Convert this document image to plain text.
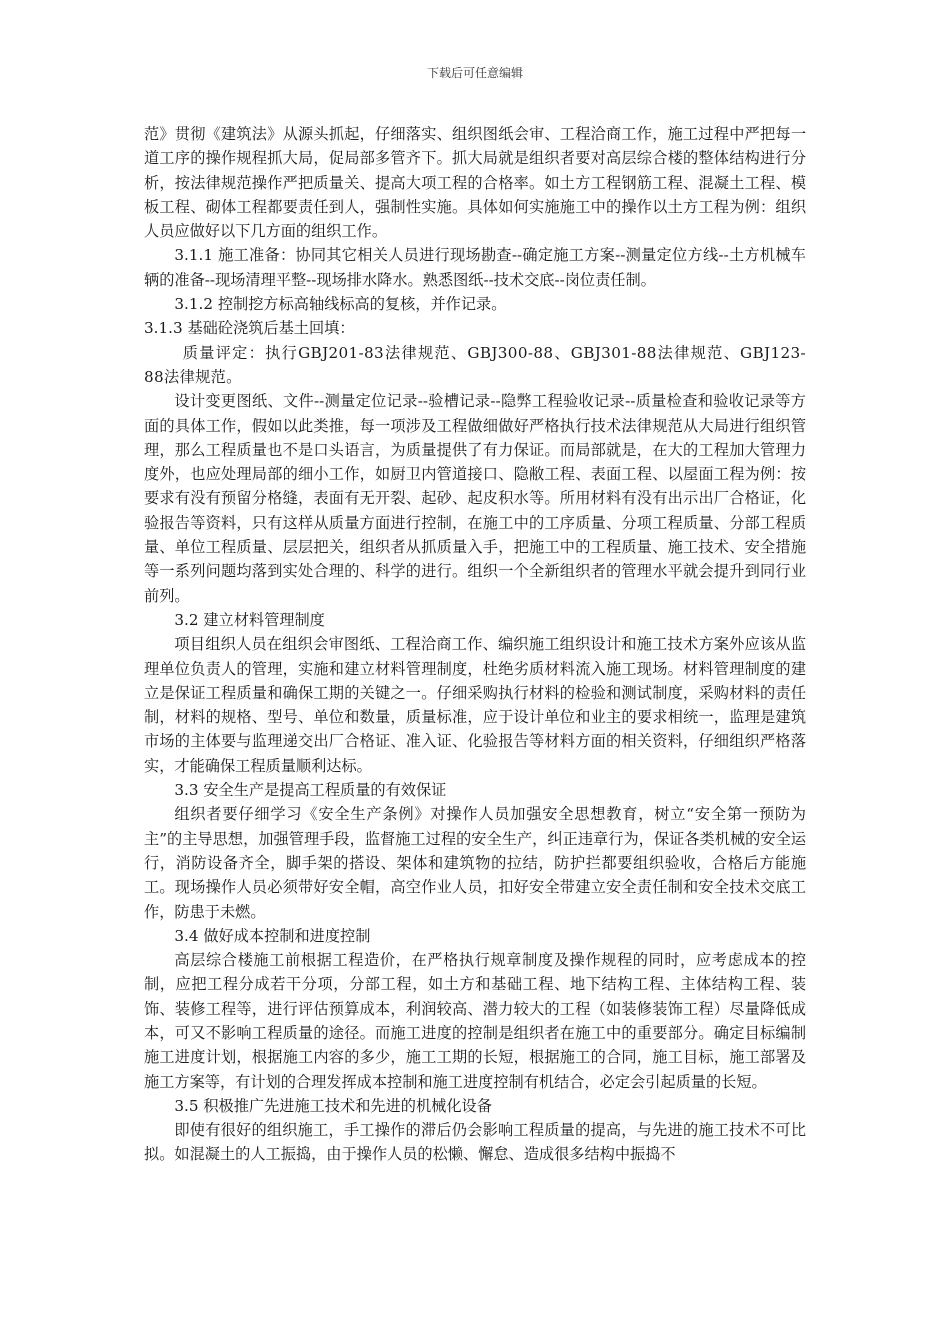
下载后可任意编辑

范》贯彻《建筑法》从源头抓起，仔细落实、组织图纸会审、工程洽商工作，施工过程中严把每一道工序的操作规程抓大局，促局部多管齐下。抓大局就是组织者要对高层综合楼的整体结构进行分析，按法律规范操作严把质量关、提高大项工程的合格率。如土方工程钢筋工程、混凝土工程、模板工程、砌体工程都要责任到人，强制性实施。具体如何实施施工中的操作以土方工程为例：组织人员应做好以下几方面的组织工作。

3.1.1 施工准备：协同其它相关人员进行现场勘查--确定施工方案--测量定位方线--土方机械车辆的准备--现场清理平整--现场排水降水。熟悉图纸--技术交底--岗位责任制。

3.1.2 控制挖方标高轴线标高的复核，并作记录。

3.1.3 基础砼浇筑后基土回填：

质量评定：执行GBJ201-83法律规范、GBJ300-88、GBJ301-88法律规范、GBJ123-88法律规范。

设计变更图纸、文件--测量定位记录--验槽记录--隐弊工程验收记录--质量检查和验收记录等方面的具体工作，假如以此类推，每一项涉及工程做细做好严格执行技术法律规范从大局进行组织管理，那么工程质量也不是口头语言，为质量提供了有力保证。而局部就是，在大的工程加大管理力度外，也应处理局部的细小工作，如厨卫内管道接口、隐敝工程、表面工程、以屋面工程为例：按要求有没有预留分格缝，表面有无开裂、起砂、起皮积水等。所用材料有没有出示出厂合格证，化验报告等资料，只有这样从质量方面进行控制，在施工中的工序质量、分项工程质量、分部工程质量、单位工程质量、层层把关，组织者从抓质量入手，把施工中的工程质量、施工技术、安全措施等一系列问题均落到实处合理的、科学的进行。组织一个全新组织者的管理水平就会提升到同行业前列。

3.2 建立材料管理制度

项目组织人员在组织会审图纸、工程洽商工作、编织施工组织设计和施工技术方案外应该从监理单位负责人的管理，实施和建立材料管理制度，杜绝劣质材料流入施工现场。材料管理制度的建立是保证工程质量和确保工期的关键之一。仔细采购执行材料的检验和测试制度，采购材料的责任制，材料的规格、型号、单位和数量，质量标准，应于设计单位和业主的要求相统一，监理是建筑市场的主体要与监理递交出厂合格证、准入证、化验报告等材料方面的相关资料，仔细组织严格落实，才能确保工程质量顺利达标。

3.3 安全生产是提高工程质量的有效保证

组织者要仔细学习《安全生产条例》对操作人员加强安全思想教育，树立“安全第一预防为主”的主导思想，加强管理手段，监督施工过程的安全生产，纠正违章行为，保证各类机械的安全运行，消防设备齐全，脚手架的搭设、架体和建筑物的拉结，防护拦都要组织验收，合格后方能施工。现场操作人员必须带好安全帽，高空作业人员，扣好安全带建立安全责任制和安全技术交底工作，防患于未燃。

3.4 做好成本控制和进度控制

高层综合楼施工前根据工程造价，在严格执行规章制度及操作规程的同时，应考虑成本的控制，应把工程分成若干分项，分部工程，如土方和基础工程、地下结构工程、主体结构工程、装饰、装修工程等，进行评估预算成本，利润较高、潜力较大的工程（如装修装饰工程）尽量降低成本，可又不影响工程质量的途径。而施工进度的控制是组织者在施工中的重要部分。确定目标编制施工进度计划，根据施工内容的多少，施工工期的长短，根据施工的合同，施工目标，施工部署及施工方案等，有计划的合理发挥成本控制和施工进度控制有机结合，必定会引起质量的长短。

3.5 积极推广先进施工技术和先进的机械化设备

即使有很好的组织施工，手工操作的滞后仍会影响工程质量的提高，与先进的施工技术不可比拟。如混凝土的人工振捣，由于操作人员的松懒、懈怠、造成很多结构中振捣不
